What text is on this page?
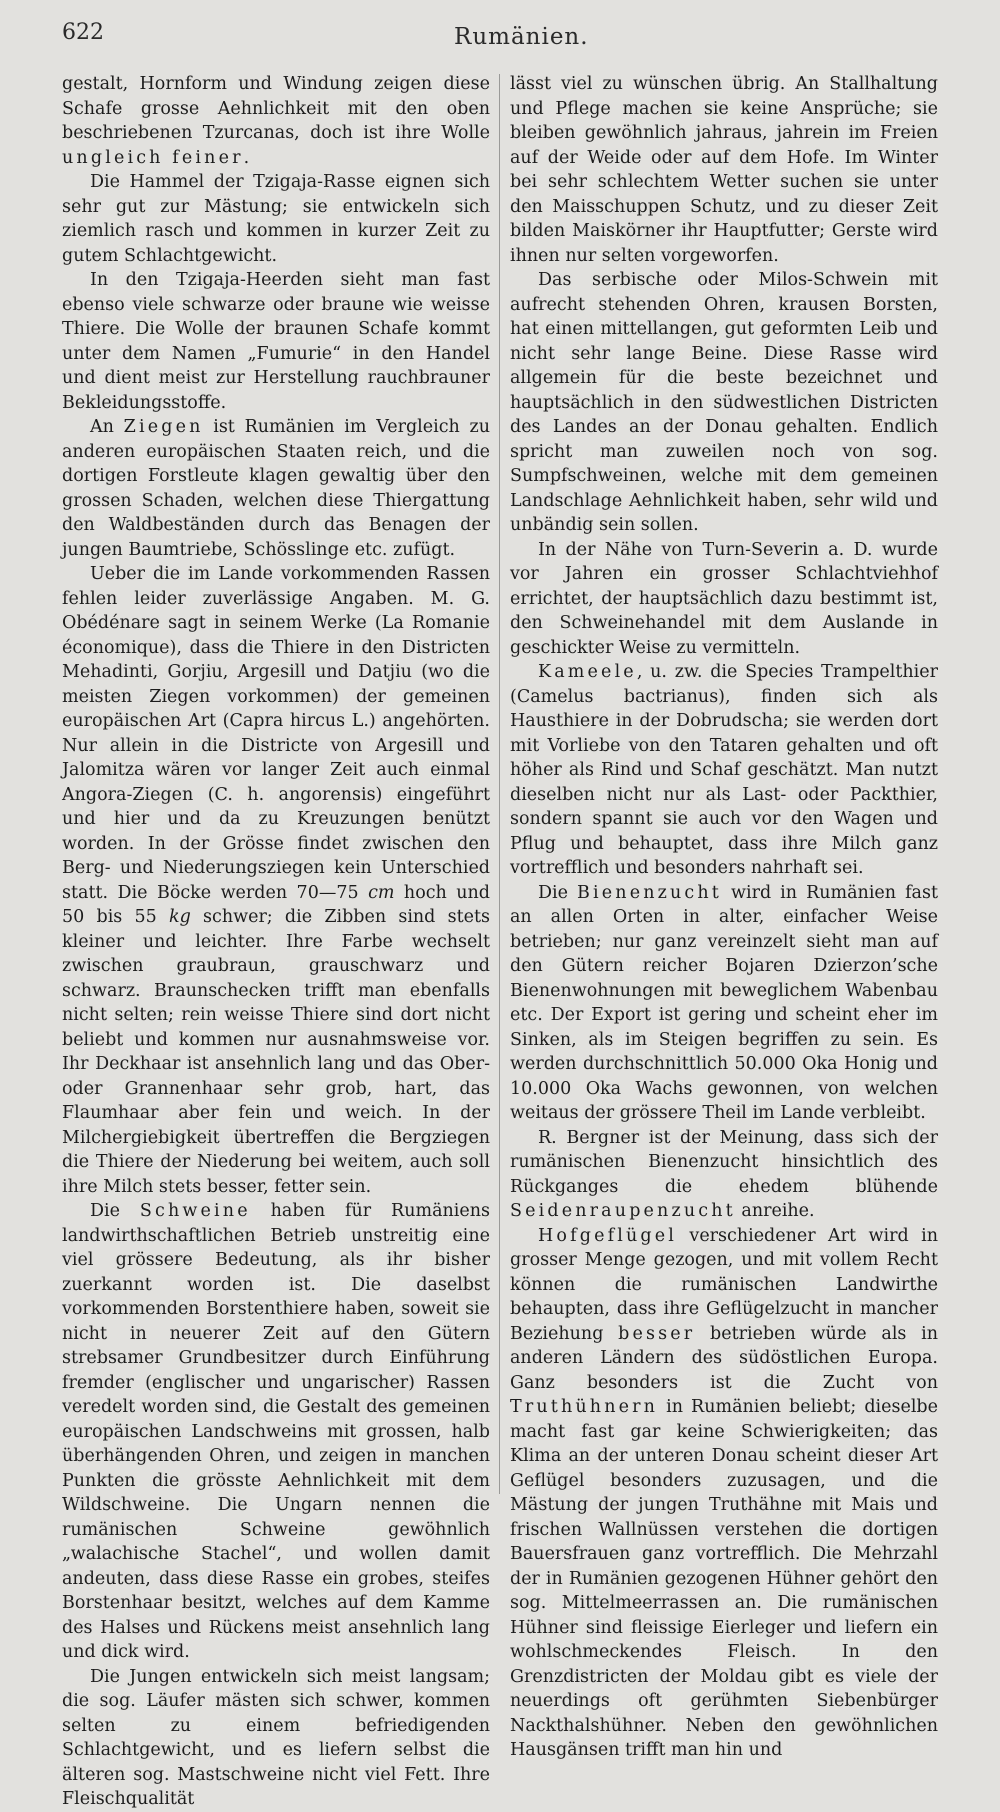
622	Rumänien.

gestalt, Hornform und Windung zeigen diese Schafe grosse Aehnlichkeit mit den oben beschriebenen Tzurcanas, doch ist ihre Wolle ungleich feiner.

Die Hammel der Tzigaja-Rasse eignen sich sehr gut zur Mästung; sie entwickeln sich ziemlich rasch und kommen in kurzer Zeit zu gutem Schlachtgewicht.

In den Tzigaja-Heerden sieht man fast ebenso viele schwarze oder braune wie weisse Thiere. Die Wolle der braunen Schafe kommt unter dem Namen „Fumurie“ in den Handel und dient meist zur Herstellung rauchbrauner Bekleidungsstoffe.

An Ziegen ist Rumänien im Vergleich zu anderen europäischen Staaten reich, und die dortigen Forstleute klagen gewaltig über den grossen Schaden, welchen diese Thiergattung den Waldbeständen durch das Benagen der jungen Baumtriebe, Schösslinge etc. zufügt.

Ueber die im Lande vorkommenden Rassen fehlen leider zuverlässige Angaben. M. G. Obédénare sagt in seinem Werke (La Romanie économique), dass die Thiere in den Districten Mehadinti, Gorjiu, Argesill und Datjiu (wo die meisten Ziegen vorkommen) der gemeinen europäischen Art (Capra hircus L.) angehörten. Nur allein in die Districte von Argesill und Jalomitza wären vor langer Zeit auch einmal Angora-Ziegen (C. h. angorensis) eingeführt und hier und da zu Kreuzungen benützt worden. In der Grösse findet zwischen den Berg- und Niederungsziegen kein Unterschied statt. Die Böcke werden 70—75 cm hoch und 50 bis 55 kg schwer; die Zibben sind stets kleiner und leichter. Ihre Farbe wechselt zwischen graubraun, grauschwarz und schwarz. Braunschecken trifft man ebenfalls nicht selten; rein weisse Thiere sind dort nicht beliebt und kommen nur ausnahmsweise vor. Ihr Deckhaar ist ansehnlich lang und das Ober- oder Grannenhaar sehr grob, hart, das Flaumhaar aber fein und weich. In der Milchergiebigkeit übertreffen die Bergziegen die Thiere der Niederung bei weitem, auch soll ihre Milch stets besser, fetter sein.

Die Schweine haben für Rumäniens landwirthschaftlichen Betrieb unstreitig eine viel grössere Bedeutung, als ihr bisher zuerkannt worden ist. Die daselbst vorkommenden Borstenthiere haben, soweit sie nicht in neuerer Zeit auf den Gütern strebsamer Grundbesitzer durch Einführung fremder (englischer und ungarischer) Rassen veredelt worden sind, die Gestalt des gemeinen europäischen Landschweins mit grossen, halb überhängenden Ohren, und zeigen in manchen Punkten die grösste Aehnlichkeit mit dem Wildschweine. Die Ungarn nennen die rumänischen Schweine gewöhnlich „walachische Stachel“, und wollen damit andeuten, dass diese Rasse ein grobes, steifes Borstenhaar besitzt, welches auf dem Kamme des Halses und Rückens meist ansehnlich lang und dick wird.

Die Jungen entwickeln sich meist langsam; die sog. Läufer mästen sich schwer, kommen selten zu einem befriedigenden Schlachtgewicht, und es liefern selbst die älteren sog. Mastschweine nicht viel Fett. Ihre Fleischqualität

lässt viel zu wünschen übrig. An Stallhaltung und Pflege machen sie keine Ansprüche; sie bleiben gewöhnlich jahraus, jahrein im Freien auf der Weide oder auf dem Hofe. Im Winter bei sehr schlechtem Wetter suchen sie unter den Maisschuppen Schutz, und zu dieser Zeit bilden Maiskörner ihr Hauptfutter; Gerste wird ihnen nur selten vorgeworfen.

Das serbische oder Milos-Schwein mit aufrecht stehenden Ohren, krausen Borsten, hat einen mittellangen, gut geformten Leib und nicht sehr lange Beine. Diese Rasse wird allgemein für die beste bezeichnet und hauptsächlich in den südwestlichen Districten des Landes an der Donau gehalten. Endlich spricht man zuweilen noch von sog. Sumpfschweinen, welche mit dem gemeinen Landschlage Aehnlichkeit haben, sehr wild und unbändig sein sollen.

In der Nähe von Turn-Severin a. D. wurde vor Jahren ein grosser Schlachtviehhof errichtet, der hauptsächlich dazu bestimmt ist, den Schweinehandel mit dem Auslande in geschickter Weise zu vermitteln.

Kameele, u. zw. die Species Trampelthier (Camelus bactrianus), finden sich als Hausthiere in der Dobrudscha; sie werden dort mit Vorliebe von den Tataren gehalten und oft höher als Rind und Schaf geschätzt. Man nutzt dieselben nicht nur als Last- oder Packthier, sondern spannt sie auch vor den Wagen und Pflug und behauptet, dass ihre Milch ganz vortrefflich und besonders nahrhaft sei.

Die Bienenzucht wird in Rumänien fast an allen Orten in alter, einfacher Weise betrieben; nur ganz vereinzelt sieht man auf den Gütern reicher Bojaren Dzierzon’sche Bienenwohnungen mit beweglichem Wabenbau etc. Der Export ist gering und scheint eher im Sinken, als im Steigen begriffen zu sein. Es werden durchschnittlich 50.000 Oka Honig und 10.000 Oka Wachs gewonnen, von welchen weitaus der grössere Theil im Lande verbleibt.

R. Bergner ist der Meinung, dass sich der rumänischen Bienenzucht hinsichtlich des Rückganges die ehedem blühende Seidenraupenzucht anreihe.

Hofgeflügel verschiedener Art wird in grosser Menge gezogen, und mit vollem Recht können die rumänischen Landwirthe behaupten, dass ihre Geflügelzucht in mancher Beziehung besser betrieben würde als in anderen Ländern des südöstlichen Europa. Ganz besonders ist die Zucht von Truthühnern in Rumänien beliebt; dieselbe macht fast gar keine Schwierigkeiten; das Klima an der unteren Donau scheint dieser Art Geflügel besonders zuzusagen, und die Mästung der jungen Truthähne mit Mais und frischen Wallnüssen verstehen die dortigen Bauersfrauen ganz vortrefflich. Die Mehrzahl der in Rumänien gezogenen Hühner gehört den sog. Mittelmeerrassen an. Die rumänischen Hühner sind fleissige Eierleger und liefern ein wohlschmeckendes Fleisch. In den Grenzdistricten der Moldau gibt es viele der neuerdings oft gerühmten Siebenbürger Nackthalshühner. Neben den gewöhnlichen Hausgänsen trifft man hin und
